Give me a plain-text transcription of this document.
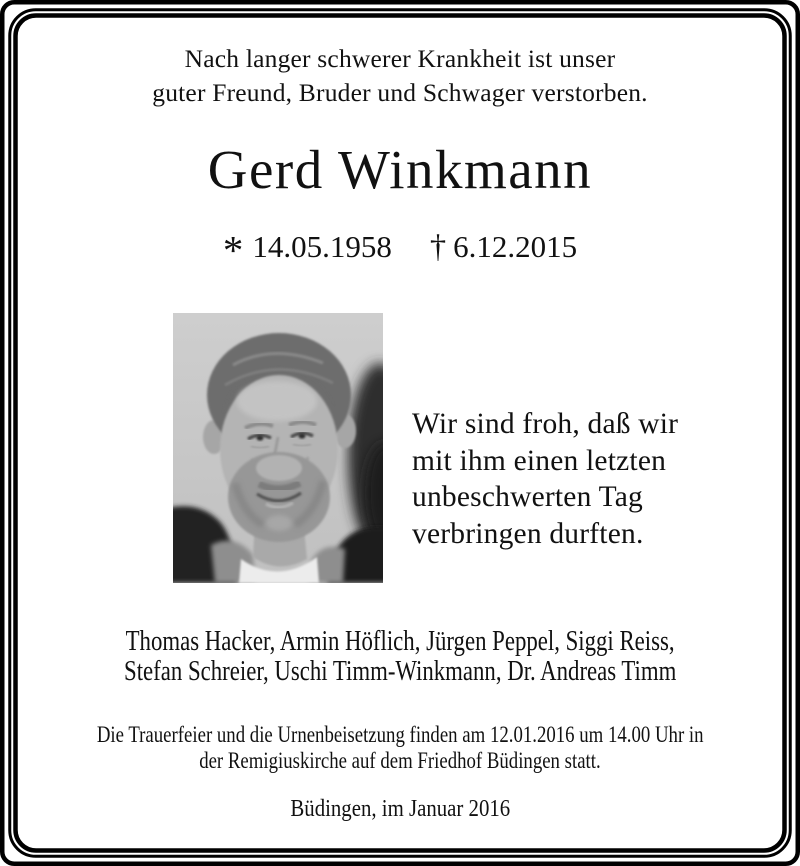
Nach langer schwerer Krankheit ist unser
guter Freund, Bruder und Schwager verstorben.
Gerd Winkmann
* 14.05.1958 † 6.12.2015
Wir sind froh, daß wir
mit ihm einen letzten
unbeschwerten Tag
verbringen durften.
Thomas Hacker, Armin Höflich, Jürgen Peppel, Siggi Reiss,
Stefan Schreier, Uschi Timm-Winkmann, Dr. Andreas Timm
Die Trauerfeier und die Urnenbeisetzung finden am 12.01.2016 um 14.00 Uhr in
der Remigiuskirche auf dem Friedhof Büdingen statt.
Büdingen, im Januar 2016
